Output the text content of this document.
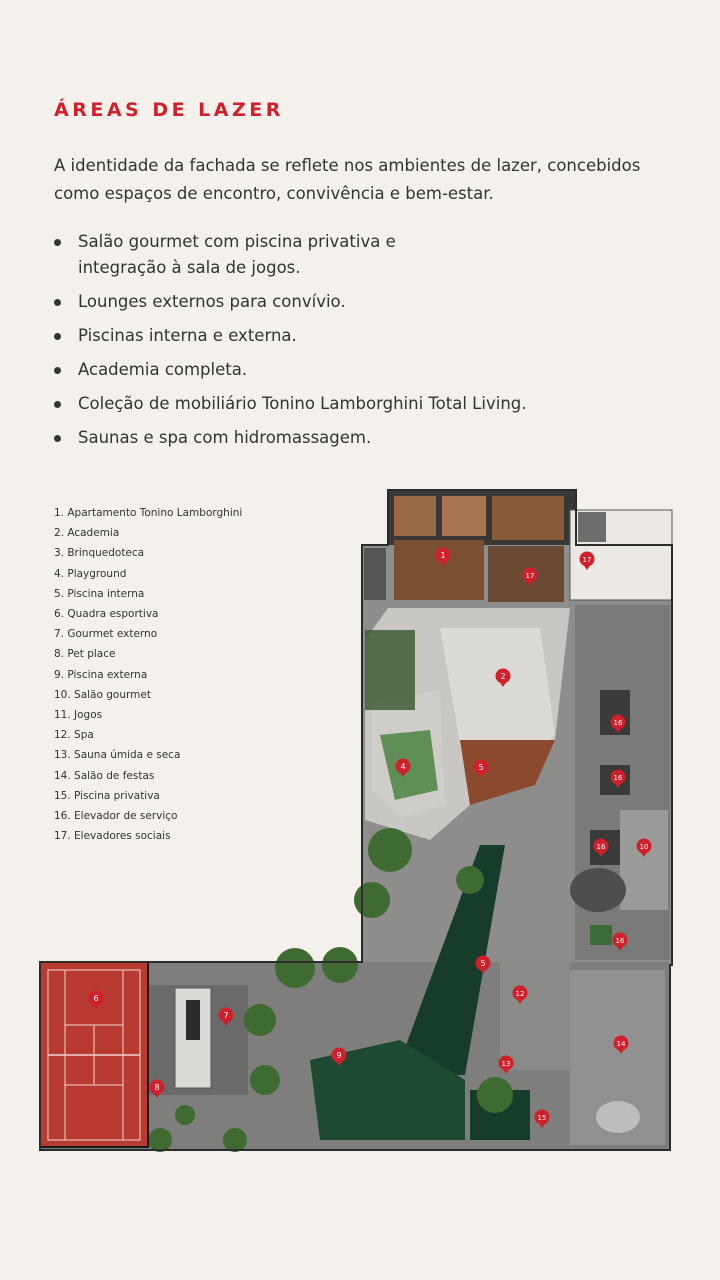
ÁREAS DE LAZER

A identidade da fachada se reflete nos ambientes de lazer, concebidos como espaços de encontro, convivência e bem-estar.

Salão gourmet com piscina privativa e integração à sala de jogos.
Lounges externos para convívio.
Piscinas interna e externa.
Academia completa.
Coleção de mobiliário Tonino Lamborghini Total Living.
Saunas e spa com hidromassagem.
1. Apartamento Tonino Lamborghini
2. Academia
3. Brinquedoteca
4. Playground
5. Piscina interna
6. Quadra esportiva
7. Gourmet externo
8. Pet place
9. Piscina externa
10. Salão gourmet
11. Jogos
12. Spa
13. Sauna úmida e seca
14. Salão de festas
15. Piscina privativa
16. Elevador de serviço
17. Elevadores sociais
1
2
4	5
5
6
7
8
9
10
12
13
14
15
16
16
16
16
17
17
